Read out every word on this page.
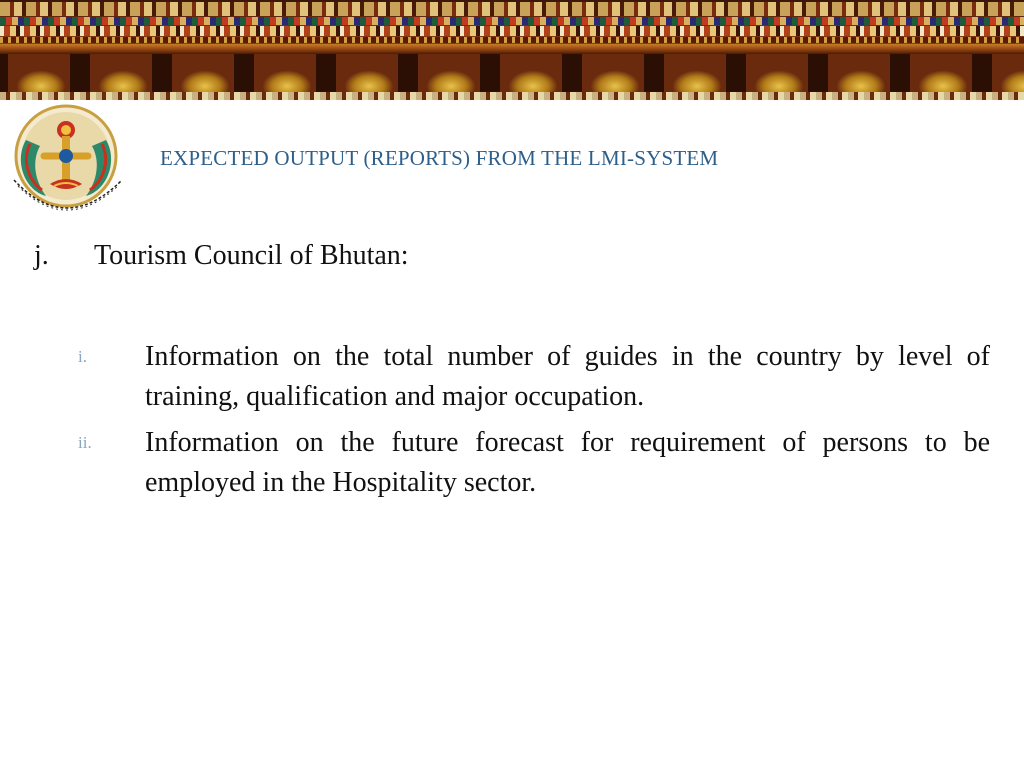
EXPECTED OUTPUT (REPORTS) FROM THE LMI-SYSTEM
j. Tourism Council of Bhutan:
i. Information on the total number of guides in the country by level of training, qualification and major occupation.
ii. Information on the future forecast for requirement of persons to be employed in the Hospitality sector.
